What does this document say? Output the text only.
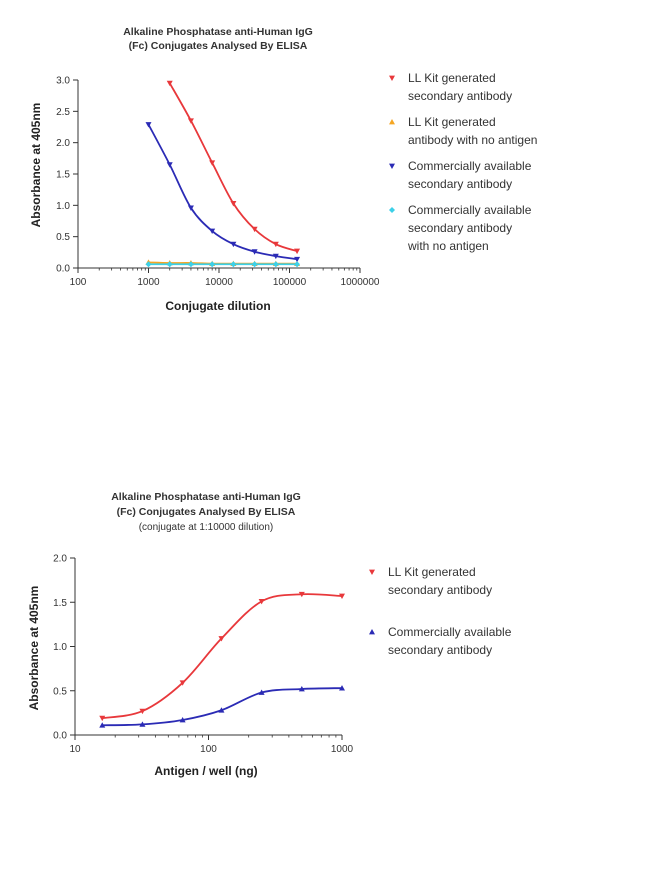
Alkaline Phosphatase anti-Human IgG
(Fc) Conjugates Analysed By ELISA
Conjugate dilution
Absorbance at 405nm
100	1000	10000	100000	1000000
0.0
0.5
1.0
1.5
2.0
2.5
3.0	LL Kit generated
secondary antibody
LL Kit generated
antibody with no antigen
Commercially available
secondary antibody
Commercially available
secondary antibody
with no antigen
Alkaline Phosphatase anti-Human IgG
(Fc) Conjugates Analysed By ELISA
(conjugate at 1:10000 dilution)
Antigen / well (ng)
Absorbance at 405nm
10	100	1000
0.0
0.5
1.0
1.5
2.0
LL Kit generated
secondary antibody
Commercially available
secondary antibody
